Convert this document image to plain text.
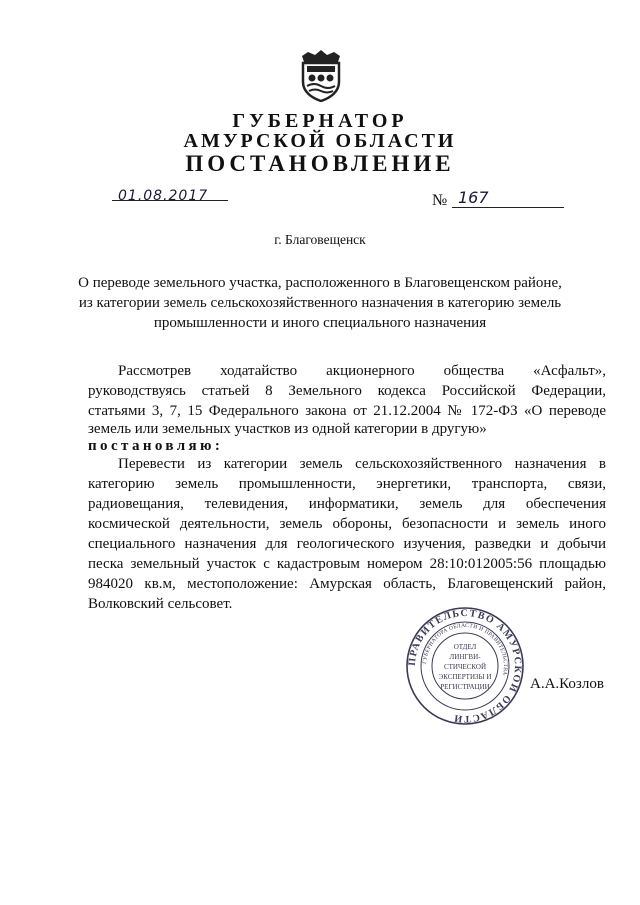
ГУБЕРНАТОР
АМУРСКОЙ ОБЛАСТИ
ПОСТАНОВЛЕНИЕ
01.08.2017	№ 167
г. Благовещенск
О переводе земельного участка, расположенного в Благовещенском районе,
из категории земель сельскохозяйственного назначения в категорию земель
промышленности и иного специального назначения
Рассмотрев ходатайство акционерного общества «Асфальт»,
руководствуясь статьей 8 Земельного кодекса Российской Федерации,
статьями 3, 7, 15 Федерального закона от 21.12.2004 № 172-ФЗ «О переводе
земель или земельных участков из одной категории в другую»
постановляю:
Перевести из категории земель сельскохозяйственного назначения в
категорию земель промышленности, энергетики, транспорта, связи,
радиовещания, телевидения, информатики, земель для обеспечения
космической деятельности, земель обороны, безопасности и земель иного
специального назначения для геологического изучения, разведки и добычи
песка земельный участок с кадастровым номером 28:10:012005:56 площадью
984020 кв.м, местоположение: Амурская область, Благовещенский район,
Волковский сельсовет.
ПРАВИТЕЛЬСТВО АМУРСКОЙ ОБЛАСТИ
ГУБЕРНАТОРА ОБЛАСТИ И ПРАВИТЕЛЬСТВА
ОТДЕЛ
ЛИНГВИ-
СТИЧЕСКОЙ
ЭКСПЕРТИЗЫ И
РЕГИСТРАЦИИ	А.А.Козлов
